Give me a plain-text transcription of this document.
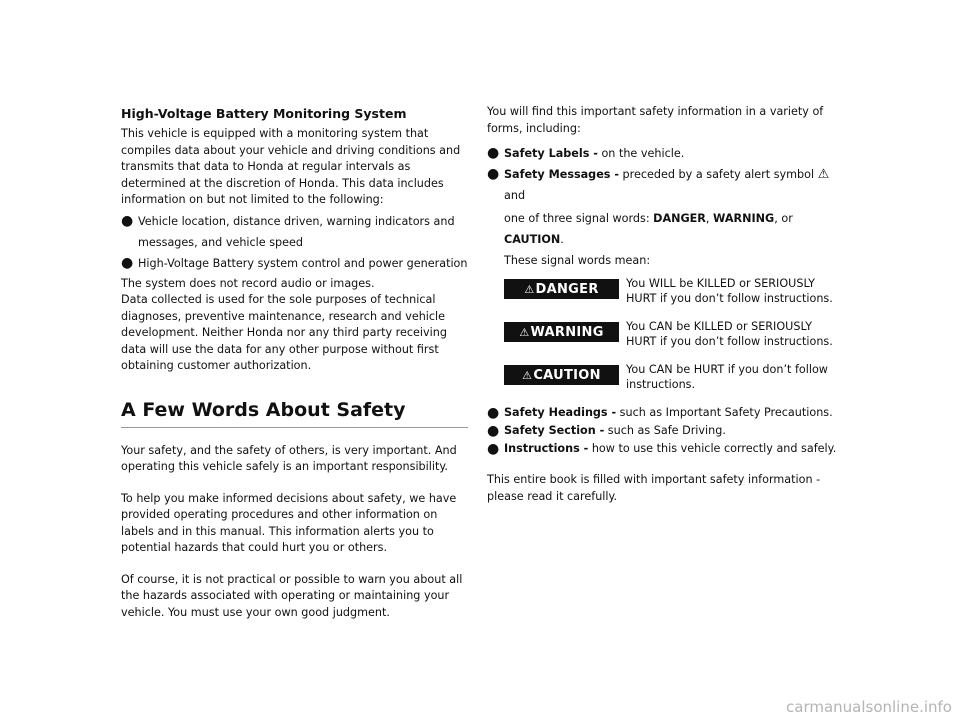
High-Voltage Battery Monitoring System

This vehicle is equipped with a monitoring system that compiles data about your vehicle and driving conditions and transmits that data to Honda at regular intervals as determined at the discretion of Honda. This data includes information on but not limited to the following:

● Vehicle location, distance driven, warning indicators and messages, and vehicle speed
● High-Voltage Battery system control and power generation

The system does not record audio or images.

Data collected is used for the sole purposes of technical diagnoses, preventive maintenance, research and vehicle development. Neither Honda nor any third party receiving data will use the data for any other purpose without first obtaining customer authorization.

A Few Words About Safety

Your safety, and the safety of others, is very important. And operating this vehicle safely is an important responsibility.

To help you make informed decisions about safety, we have provided operating procedures and other information on labels and in this manual. This information alerts you to potential hazards that could hurt you or others.

Of course, it is not practical or possible to warn you about all the hazards associated with operating or maintaining your vehicle. You must use your own good judgment.

You will find this important safety information in a variety of forms, including:

● Safety Labels - on the vehicle.
● Safety Messages - preceded by a safety alert symbol ⚠ and

one of three signal words: DANGER, WARNING, or CAUTION.

These signal words mean:

⚠ DANGER You WILL be KILLED or SERIOUSLY HURT if you don’t follow instructions.
⚠ WARNING You CAN be KILLED or SERIOUSLY HURT if you don’t follow instructions.
⚠ CAUTION You CAN be HURT if you don’t follow instructions.
● Safety Headings - such as Important Safety Precautions.
● Safety Section - such as Safe Driving.
● Instructions - how to use this vehicle correctly and safely.

This entire book is filled with important safety information - please read it carefully.

carmanualsonline.info
